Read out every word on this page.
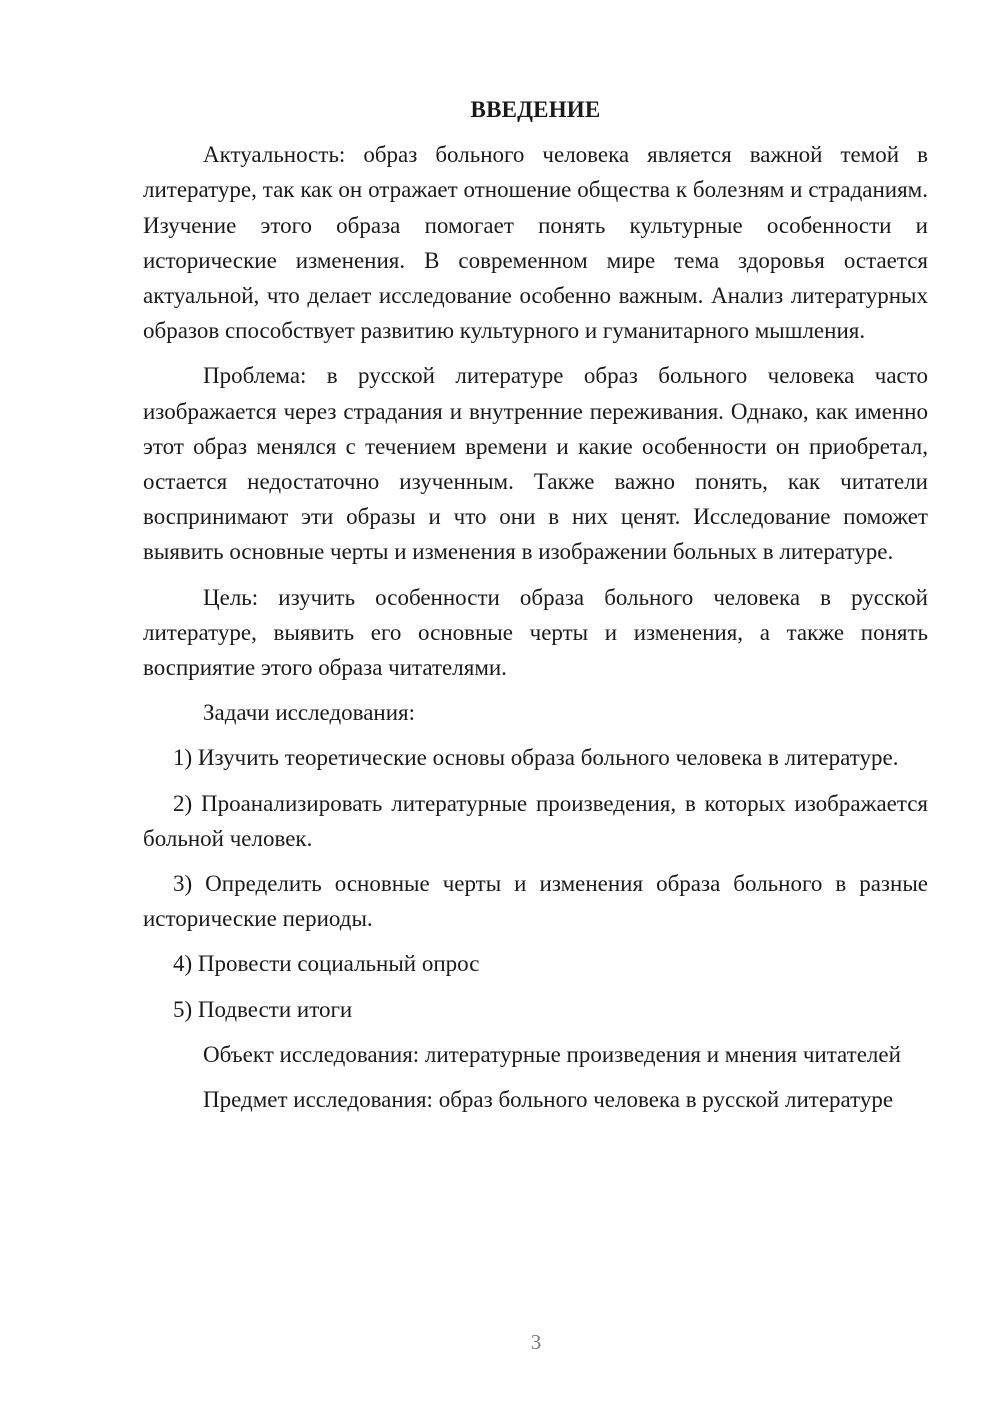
ВВЕДЕНИЕ

Актуальность: образ больного человека является важной темой в литературе, так как он отражает отношение общества к болезням и страданиям. Изучение этого образа помогает понять культурные особенности и исторические изменения. В современном мире тема здоровья остается актуальной, что делает исследование особенно важным. Анализ литературных образов способствует развитию культурного и гуманитарного мышления.

Проблема: в русской литературе образ больного человека часто изображается через страдания и внутренние переживания. Однако, как именно этот образ менялся с течением времени и какие особенности он приобретал, остается недостаточно изученным. Также важно понять, как читатели воспринимают эти образы и что они в них ценят. Исследование поможет выявить основные черты и изменения в изображении больных в литературе.

Цель: изучить особенности образа больного человека в русской литературе, выявить его основные черты и изменения, а также понять восприятие этого образа читателями.

Задачи исследования:

1) Изучить теоретические основы образа больного человека в литературе.

2) Проанализировать литературные произведения, в которых изображается больной человек.

3) Определить основные черты и изменения образа больного в разные исторические периоды.

4) Провести социальный опрос

5) Подвести итоги

Объект исследования: литературные произведения и мнения читателей

Предмет исследования: образ больного человека в русской литературе

3
